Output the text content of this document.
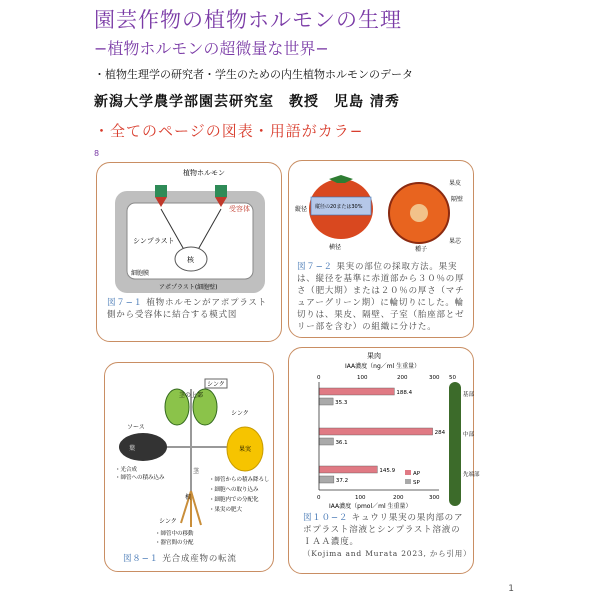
園芸作物の植物ホルモンの生理
−植物ホルモンの超微量な世界−
・植物生理学の研究者・学生のための内生植物ホルモンのデータ
新潟大学農学部園芸研究室　教授　児島 清秀
・全てのページの図表・用語がカラ−
8
植物ホルモン
受容体
シンプラスト
核
細胞膜
アポプラスト(細胞壁)
図７−１ 植物ホルモンがアポプラスト側から受容体に結合する模式図
縦径 縦径の20または30%
横径
果皮
隔壁
種子
果芯
図７−２ 果実の部位の採取方法。果実は、縦径を基準に赤道部から３０％の厚さ（肥大期）または２０％の厚さ（マチュアーグリーン期）に輪切りにした。輪切りは、果皮、隔壁、子室（胎座部とゼリー部を含む）の組織に分けた。
シンク
茎の上部
ソース
葉
シンク
果実
茎
根
シンク
・光合成
・師管への積み込み	・師管からの積み降ろし
・細胞への取り込み
・細胞内での分配化
・果実の肥大
・師管中の移動
・器官間の分配
図８−１ 光合成産物の転流
果肉
IAA濃度（ng／ml 生重量）
0	100	200	300 50
188.4
35.3
284
36.1
145.9
37.2
0	100	200	300
IAA濃度（pmol／ml 生重量）
基部
中部
先端部
AP
SP
図１０−２ キュウリ果実の果肉部のアポプラスト溶液とシンプラスト溶液のＩＡＡ濃度。
（Kojima and Murata 2023, から引用）
1
